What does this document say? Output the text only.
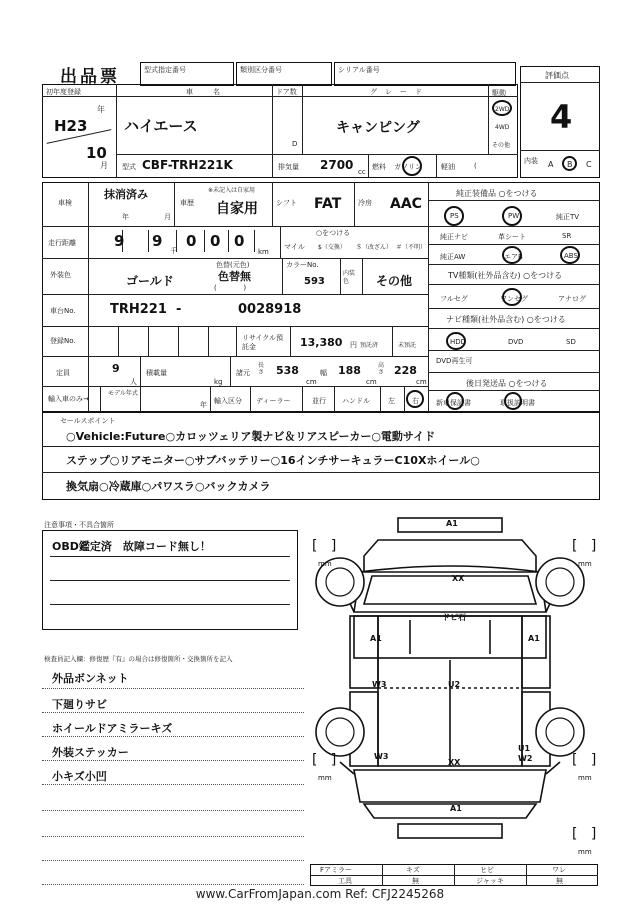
出品票	型式指定番号	類別区分番号	シリアル番号
評価点
4
内装 A B C
初年度登録
H23
年
10
月
車名
ハイエース
ドア数
D
グレード
キャンピング
駆動
2WD
4WD
その他
型式 CBF-TRH221K	排気量 2700 cc
燃料 ガソリン	軽油	(
車検
抹消済み
年	月
車歴
※未記入は自家用
自家用	シフト FAT 冷房 AAC
走行距離	9 9
千
0 0 0
km
○をつける
マイル $（交換） ＄（改ざん） ＃（不明）
外装色	ゴールド
色替(元色)
色替無
(            )
カラーNo.
593
内装色	その他
車台No.	TRH221 -	0028918
登録No.	リサイクル預託金	13,380 円 預託済	未預託
定員	9
人
積載量
kg
諸元
長さ 538
cm
幅 188
cm
高さ 228
cm
輸入車のみ→
モデル年式
年 輸入区分 ディーラー	並行 ハンドル	左 右
純正装備品 ○をつける
PS	PW	純正TV
純正ナビ	革シート	SR
純正AW	エアB	ABS
TV種類(社外品含む) ○をつける
フルセグ	ワンセグ	アナログ
ナビ種類(社外品含む) ○をつける
HDD	DVD	SD
DVD再生可
後日発送品 ○をつける
新車保証書	取扱説明書
セールスポイント
○Vehicle:Future○カロッツェリア製ナビ＆リアスピーカー○電動サイド
ステップ○リアモニター○サブバッテリー○16インチサーキュラーC10Xホイール○
換気扇○冷蔵庫○パワスラ○バックカメラ
注意事項・不具合箇所
OBD鑑定済　故障コード無し！
検査員記入欄：修復歴『有』の場合は修復箇所・交換箇所を記入
外品ボンネット
下廻りサビ
ホイールドアミラーキズ
外装ステッカー
小キズ小凹
A1
XX
ドピ石
A1	A1
W3	U2
W3
U1
W2
XX
A1
[   ]
mm
[   ]
mm
[   ]
mm
[   ]
mm
[   ]
mm
Fアミラー	キズ	ヒビ	ワレ
工具	無	ジャッキ	無
www.CarFromJapan.com Ref: CFJ2245268
